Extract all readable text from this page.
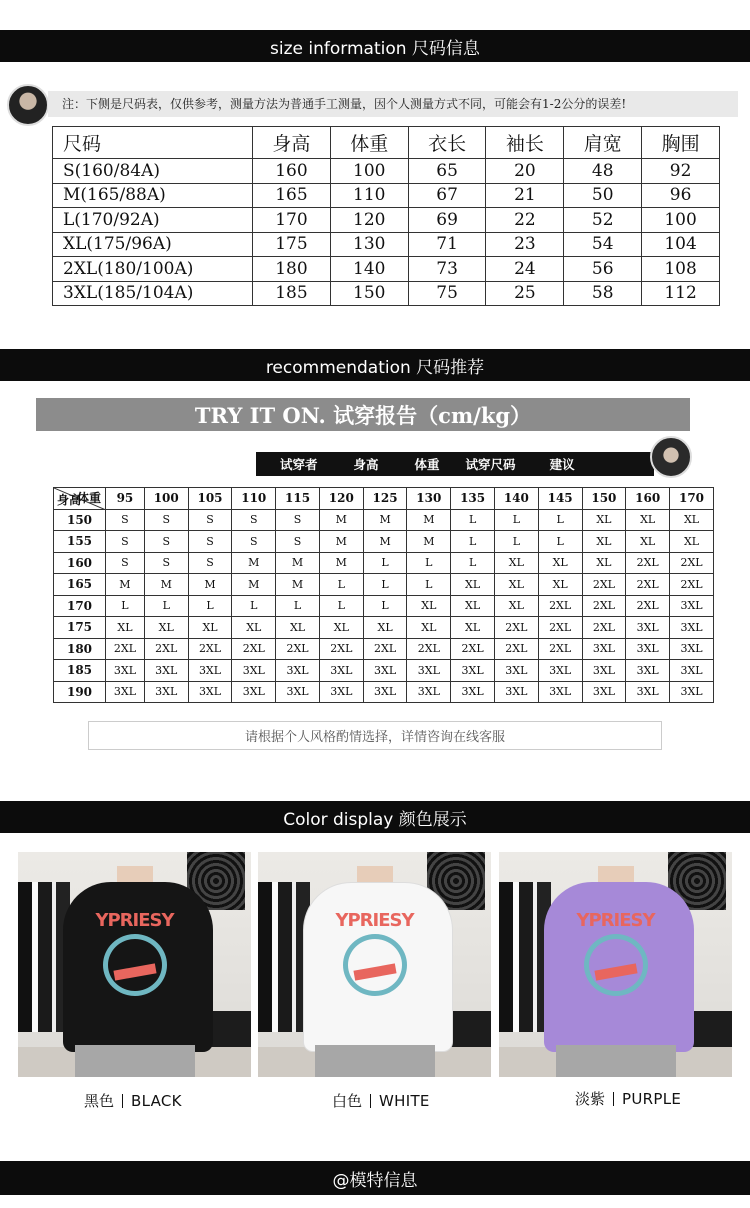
size information 尺码信息
注：下侧是尺码表，仅供参考，测量方法为普通手工测量，因个人测量方式不同，可能会有1-2公分的误差!
尺码	身高	体重	衣长	袖长	肩宽	胸围
S(160/84A)	160	100	65	20	48	92
M(165/88A)	165	110	67	21	50	96
L(170/92A)	170	120	69	22	52	100
XL(175/96A)	175	130	71	23	54	104
2XL(180/100A)	180	140	73	24	56	108
3XL(185/104A)	185	150	75	25	58	112
recommendation 尺码推荐
TRY IT ON. 试穿报告（cm/kg）
试穿者	身高	体重 试穿尺码	建议
体重
身高	95	100	105	110	115	120	125	130	135	140	145	150	160	170
150	S	S	S	S	S	M	M	M	L	L	L	XL	XL	XL
155	S	S	S	S	S	M	M	M	L	L	L	XL	XL	XL
160	S	S	S	M	M	M	L	L	L	XL	XL	XL	2XL	2XL
165	M	M	M	M	M	L	L	L	XL	XL	XL	2XL	2XL	2XL
170	L	L	L	L	L	L	L	XL	XL	XL	2XL	2XL	2XL	3XL
175	XL	XL	XL	XL	XL	XL	XL	XL	XL	2XL	2XL	2XL	3XL	3XL
180	2XL	2XL	2XL	2XL	2XL	2XL	2XL	2XL	2XL	2XL	2XL	3XL	3XL	3XL
185	3XL	3XL	3XL	3XL	3XL	3XL	3XL	3XL	3XL	3XL	3XL	3XL	3XL	3XL
190	3XL	3XL	3XL	3XL	3XL	3XL	3XL	3XL	3XL	3XL	3XL	3XL	3XL	3XL
请根据个人风格酌情选择，详情咨询在线客服
Color display 颜色展示
YPRIESY	YPRIESY	YPRIESY
黑色 BLACK	白色 WHITE	淡紫 PURPLE
@模特信息
